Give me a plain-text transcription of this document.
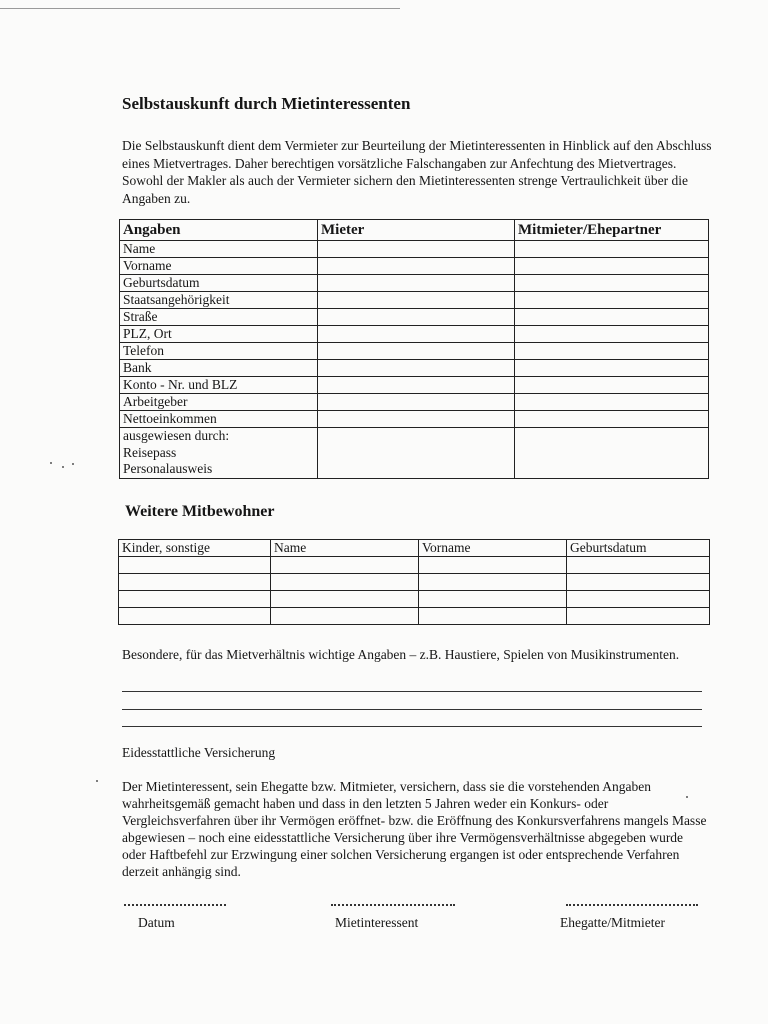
Selbstauskunft durch Mietinteressenten

Die Selbstauskunft dient dem Vermieter zur Beurteilung der Mietinteressenten in Hinblick auf den Abschluss eines Mietvertrages. Daher berechtigen vorsätzliche Falschangaben zur Anfechtung des Mietvertrages. Sowohl der Makler als auch der Vermieter sichern den Mietinteressenten strenge Vertraulichkeit über die Angaben zu.

Angaben	Mieter	Mitmieter/Ehepartner
Name		
Vorname		
Geburtsdatum		
Staatsangehörigkeit		
Straße		
PLZ, Ort		
Telefon		
Bank		
Konto - Nr. und BLZ		
Arbeitgeber		
Nettoeinkommen		

ausgewiesen durch:
Reisepass
Personalausweis		

Weitere Mitbewohner
Kinder, sonstige	Name	Vorname	Geburtsdatum

Besondere, für das Mietverhältnis wichtige Angaben – z.B. Haustiere, Spielen von Musikinstrumenten.

Eidesstattliche Versicherung

Der Mietinteressent, sein Ehegatte bzw. Mitmieter, versichern, dass sie die vorstehenden Angaben wahrheitsgemäß gemacht haben und dass in den letzten 5 Jahren weder ein Konkurs- oder Vergleichsverfahren über ihr Vermögen eröffnet- bzw. die Eröffnung des Konkursverfahrens mangels Masse abgewiesen – noch eine eidesstattliche Versicherung über ihre Vermögensverhältnisse abgegeben wurde oder Haftbefehl zur Erzwingung einer solchen Versicherung ergangen ist oder entsprechende Verfahren derzeit anhängig sind.

Datum	Mietinteressent	Ehegatte/Mitmieter
